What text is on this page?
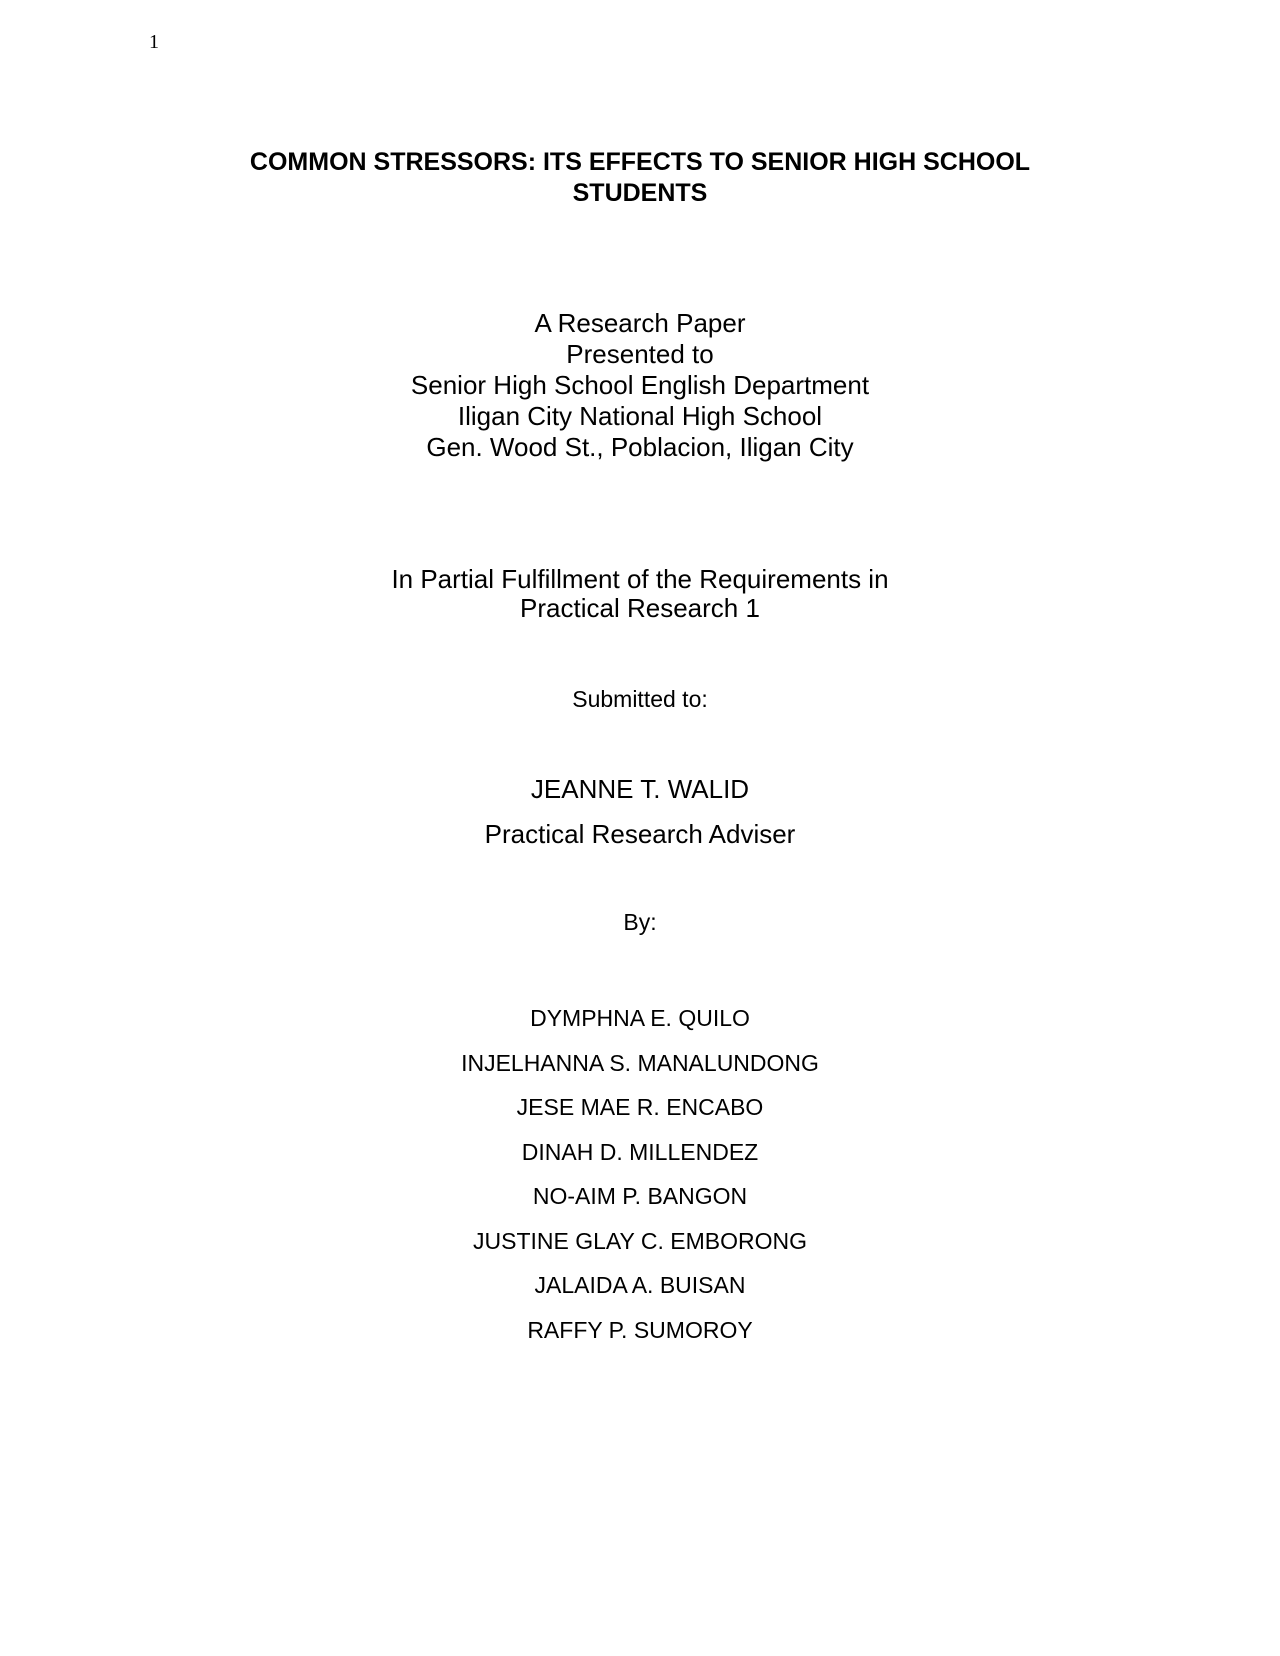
1
COMMON STRESSORS: ITS EFFECTS TO SENIOR HIGH SCHOOL
STUDENTS
A Research Paper
Presented to
Senior High School English Department
Iligan City National High School
Gen. Wood St., Poblacion, Iligan City
In Partial Fulfillment of the Requirements in
Practical Research 1
Submitted to:
JEANNE T. WALID
Practical Research Adviser
By:
DYMPHNA E. QUILO
INJELHANNA S. MANALUNDONG
JESE MAE R. ENCABO
DINAH D. MILLENDEZ
NO-AIM P. BANGON
JUSTINE GLAY C. EMBORONG
JALAIDA A. BUISAN
RAFFY P. SUMOROY
